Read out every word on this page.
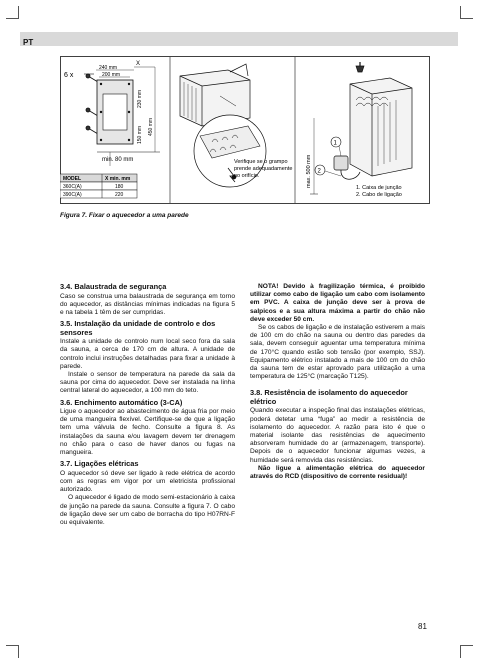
PT
6 x
240 mm
200 mm
X
230 mm
150 mm 450 mm
min. 80 mm
MODEL	X min. mm
360C(A)	180
390C(A)	220
Verifique se o grampo
prende adequadamente
no orifício.	max. 500 mm
1
2
1. Caixa de junção
2. Cabo de ligação
Figura 7. Fixar o aquecedor a uma parede
3.4. Balaustrada de segurança

Caso se construa uma balaustrada de segurança em torno do aquecedor, as distâncias mínimas indicadas na figura 5 e na tabela 1 têm de ser cumpridas.

3.5. Instalação da unidade de controlo e dos sensores

Instale a unidade de controlo num local seco fora da sala da sauna, a cerca de 170 cm de altura. A unidade de controlo inclui instruções detalhadas para fixar a unidade à parede.

Instale o sensor de temperatura na parede da sala da sauna por cima do aquecedor. Deve ser instalada na linha central lateral do aquecedor, a 100 mm do teto.

3.6. Enchimento automático (3-CA)

Ligue o aquecedor ao abastecimento de água fria por meio de uma mangueira flexível. Certifique-se de que a ligação tem uma válvula de fecho. Consulte a figura 8. As instalações da sauna e/ou lavagem devem ter drenagem no chão para o caso de haver danos ou fugas na mangueira.

3.7. Ligações elétricas

O aquecedor só deve ser ligado à rede elétrica de acordo com as regras em vigor por um eletricista profissional autorizado.

O aquecedor é ligado de modo semi-estacionário à caixa de junção na parede da sauna. Consulte a figura 7. O cabo de ligação deve ser um cabo de borracha do tipo H07RN-F ou equivalente.

NOTA! Devido à fragilização térmica, é proibido utilizar como cabo de ligação um cabo com isolamento em PVC. A caixa de junção deve ser à prova de salpicos e a sua altura máxima a partir do chão não deve exceder 50 cm.

Se os cabos de ligação e de instalação estiverem a mais de 100 cm do chão na sauna ou dentro das paredes da sala, devem conseguir aguentar uma temperatura mínima de 170°C quando estão sob tensão (por exemplo, SSJ). Equipamento elétrico instalado a mais de 100 cm do chão da sauna tem de estar aprovado para utilização a uma temperatura de 125°C (marcação T125).

3.8. Resistência de isolamento do aquecedor elétrico

Quando executar a inspeção final das instalações elétricas, poderá detetar uma “fuga” ao medir a resistência de isolamento do aquecedor. A razão para isto é que o material isolante das resistências de aquecimento absorveram humidade do ar (armazenagem, transporte). Depois de o aquecedor funcionar algumas vezes, a humidade será removida das resistências.

Não ligue a alimentação elétrica do aquecedor através do RCD (dispositivo de corrente residual)!

81
